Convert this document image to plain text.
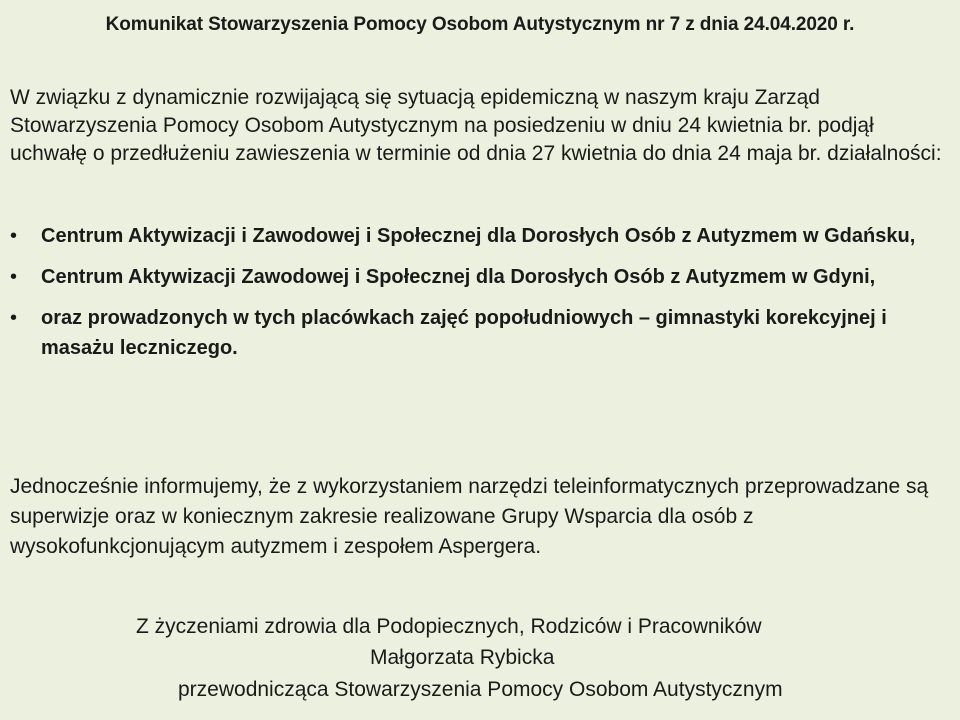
Komunikat Stowarzyszenia Pomocy Osobom Autystycznym nr 7 z dnia 24.04.2020 r.

W związku z dynamicznie rozwijającą się sytuacją epidemiczną w naszym kraju Zarząd Stowarzyszenia Pomocy Osobom Autystycznym na posiedzeniu w dniu 24 kwietnia br. podjął uchwałę o przedłużeniu zawieszenia w terminie od dnia 27 kwietnia do dnia 24 maja br. działalności:

• Centrum Aktywizacji i Zawodowej i Społecznej dla Dorosłych Osób z Autyzmem w Gdańsku,
• Centrum Aktywizacji Zawodowej i Społecznej dla Dorosłych Osób z Autyzmem w Gdyni,
• oraz prowadzonych w tych placówkach zajęć popołudniowych – gimnastyki korekcyjnej i masażu leczniczego.

Jednocześnie informujemy, że z wykorzystaniem narzędzi teleinformatycznych przeprowadzane są superwizje oraz w koniecznym zakresie realizowane Grupy Wsparcia dla osób z wysokofunkcjonującym autyzmem i zespołem Aspergera.

Z życzeniami zdrowia dla Podopiecznych, Rodziców i Pracowników
Małgorzata Rybicka
przewodnicząca Stowarzyszenia Pomocy Osobom Autystycznym
